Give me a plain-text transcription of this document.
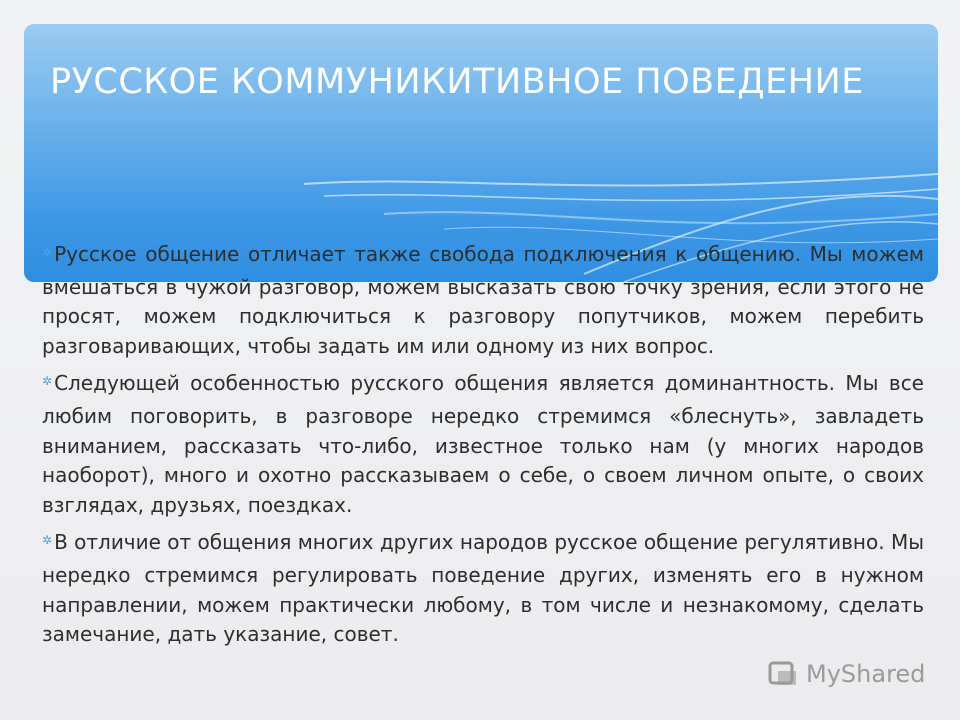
РУССКОЕ КОММУНИКИТИВНОЕ ПОВЕДЕНИЕ

✲ Русское общение отличает также свобода подключения к общению. Мы можем вмешаться в чужой разговор, можем высказать свою точку зрения, если этого не просят, можем подключиться к разговору попутчиков, можем перебить разговаривающих, чтобы задать им или одному из них вопрос.

✲ Следующей особенностью русского общения является доминантность. Мы все любим поговорить, в разговоре нередко стремимся «блеснуть», завладеть вниманием, рассказать что-либо, известное только нам (у многих народов наоборот), много и охотно рассказываем о себе, о своем личном опыте, о своих взглядах, друзьях, поездках.

✲ В отличие от общения многих других народов русское общение регулятивно. Мы нередко стремимся регулировать поведение других, изменять его в нужном направлении, можем практически любому, в том числе и незнакомому, сделать замечание, дать указание, совет.

MyShared
